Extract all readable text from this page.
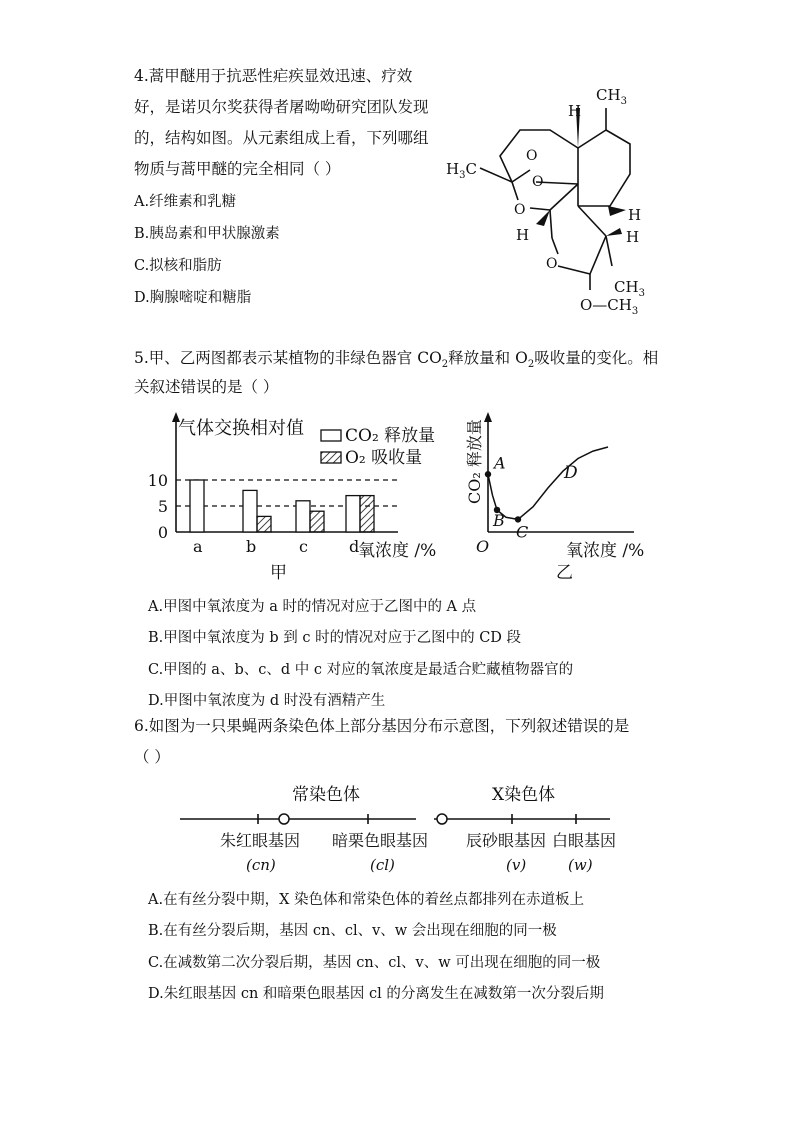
4.蒿甲醚用于抗恶性疟疾显效迅速、疗效
好，是诺贝尔奖获得者屠呦呦研究团队发现
的，结构如图。从元素组成上看，下列哪组
物质与蒿甲醚的完全相同（ ）
A.纤维素和乳糖
B.胰岛素和甲状腺激素
C.拟核和脂肪
D.胸腺嘧啶和糖脂
$CH_3$
H
$H_3C$
O
O
O
O
H
H	H
$CH_3$
$O—CH_3$
5.甲、乙两图都表示某植物的非绿色器官 $CO_2$释放量和 $O_2$吸收量的变化。相
关叙述错误的是（ ）
0
5
10
气体交换相对值 CO₂ 释放量
O₂ 吸收量
a	b	c	d
氧浓度 /%
甲
CO₂ 释放量 A
B
C
D
O	氧浓度 /%
乙
A.甲图中氧浓度为 a 时的情况对应于乙图中的 A 点
B.甲图中氧浓度为 b 到 c 时的情况对应于乙图中的 CD 段
C.甲图的 a、b、c、d 中 c 对应的氧浓度是最适合贮藏植物器官的
D.甲图中氧浓度为 d 时没有酒精产生
6.如图为一只果蝇两条染色体上部分基因分布示意图，下列叙述错误的是
（ ）
常染色体	X染色体
朱红眼基因
(cn)
暗栗色眼基因
(cl)
辰砂眼基因
(v)
白眼基因
(w)
A.在有丝分裂中期，X 染色体和常染色体的着丝点都排列在赤道板上
B.在有丝分裂后期，基因 cn、cl、v、w 会出现在细胞的同一极
C.在减数第二次分裂后期，基因 cn、cl、v、w 可出现在细胞的同一极
D.朱红眼基因 cn 和暗栗色眼基因 cl 的分离发生在减数第一次分裂后期
